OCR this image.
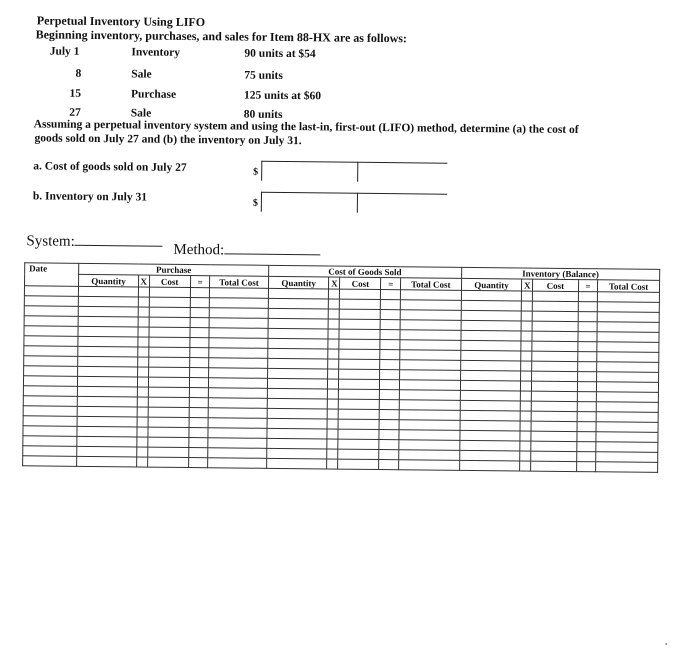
Perpetual Inventory Using LIFO
Beginning inventory, purchases, and sales for Item 88-HX are as follows:
July 1	Inventory	90 units at $54
8	Sale	75 units
15	Purchase	125 units at $60
27	Sale	80 units
Assuming a perpetual inventory system and using the last-in, first-out (LIFO) method, determine (a) the cost of
goods sold on July 27 and (b) the inventory on July 31.
a. Cost of goods sold on July 27	$
b. Inventory on July 31	$
System:
Method:
Date	Purchase					Cost of Goods Sold					Inventory (Balance)				
	Quantity	X	Cost	=	Total Cost	Quantity	X	Cost	=	Total Cost	Quantity	X	Cost	=	Total Cost
